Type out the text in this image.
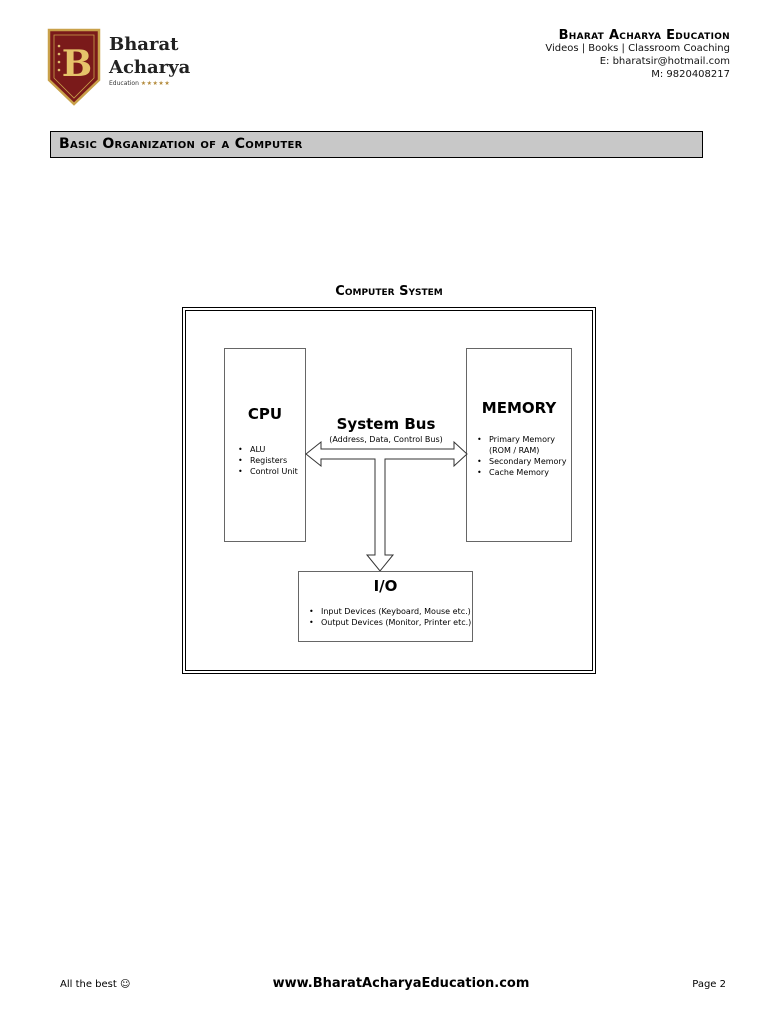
B Bharat
Acharya
Education ★★★★★
Bharat Acharya Education
Videos | Books | Classroom Coaching
E: bharatsir@hotmail.com
M: 9820408217
Basic Organization of a Computer
Computer System
CPU
• ALU
• Registers
• Control Unit
MEMORY
• Primary Memory (ROM / RAM)
• Secondary Memory
• Cache Memory
System Bus
(Address, Data, Control Bus)
I/O
• Input Devices (Keyboard, Mouse etc.)
• Output Devices (Monitor, Printer etc.)
All the best ☺	www.BharatAcharyaEducation.com	Page 2
